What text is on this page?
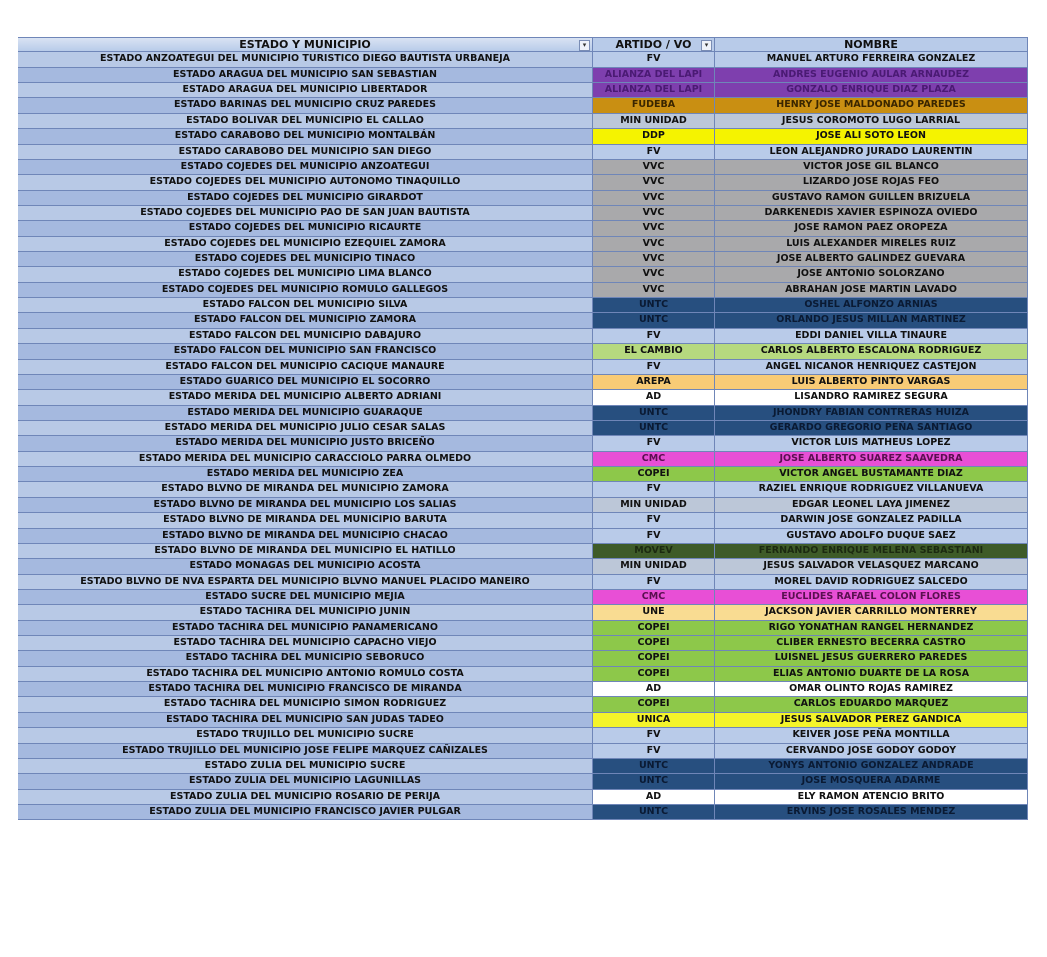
ESTADO Y MUNICIPIO	▾	ARTIDO / VO	▾	NOMBRE
ESTADO ANZOATEGUI DEL MUNICIPIO TURISTICO DIEGO BAUTISTA URBANEJA	FV	MANUEL ARTURO FERREIRA GONZALEZ
ESTADO ARAGUA DEL MUNICIPIO SAN SEBASTIAN	ALIANZA DEL LAPI	ANDRES EUGENIO AULAR ARNAUDEZ
ESTADO ARAGUA DEL MUNICIPIO LIBERTADOR	ALIANZA DEL LAPI	GONZALO ENRIQUE DIAZ PLAZA
ESTADO BARINAS DEL MUNICIPIO CRUZ PAREDES	FUDEBA	HENRY JOSE MALDONADO PAREDES
ESTADO BOLIVAR DEL MUNICIPIO EL CALLAO	MIN UNIDAD	JESUS COROMOTO LUGO LARRIAL
ESTADO CARABOBO DEL MUNICIPIO MONTALBÁN	DDP	JOSE ALI SOTO LEON
ESTADO CARABOBO DEL MUNICIPIO SAN DIEGO	FV	LEON ALEJANDRO JURADO LAURENTIN
ESTADO COJEDES DEL MUNICIPIO ANZOATEGUI	VVC	VICTOR JOSE GIL BLANCO
ESTADO COJEDES DEL MUNICIPIO AUTONOMO TINAQUILLO	VVC	LIZARDO JOSE ROJAS FEO
ESTADO COJEDES DEL MUNICIPIO GIRARDOT	VVC	GUSTAVO RAMON GUILLEN BRIZUELA
ESTADO COJEDES DEL MUNICIPIO PAO DE SAN JUAN BAUTISTA	VVC	DARKENEDIS XAVIER ESPINOZA OVIEDO
ESTADO COJEDES DEL MUNICIPIO RICAURTE	VVC	JOSE RAMON PAEZ OROPEZA
ESTADO COJEDES DEL MUNICIPIO EZEQUIEL ZAMORA	VVC	LUIS ALEXANDER MIRELES RUIZ
ESTADO COJEDES DEL MUNICIPIO TINACO	VVC	JOSE ALBERTO GALINDEZ GUEVARA
ESTADO COJEDES DEL MUNICIPIO LIMA BLANCO	VVC	JOSE ANTONIO SOLORZANO
ESTADO COJEDES DEL MUNICIPIO ROMULO GALLEGOS	VVC	ABRAHAN JOSE MARTIN LAVADO
ESTADO FALCON DEL MUNICIPIO SILVA	UNTC	OSHEL ALFONZO ARNIAS
ESTADO FALCON DEL MUNICIPIO ZAMORA	UNTC	ORLANDO JESUS MILLAN MARTINEZ
ESTADO FALCON DEL MUNICIPIO DABAJURO	FV	EDDI DANIEL VILLA TINAURE
ESTADO FALCON DEL MUNICIPIO SAN FRANCISCO	EL CAMBIO	CARLOS ALBERTO ESCALONA RODRIGUEZ
ESTADO FALCON DEL MUNICIPIO CACIQUE MANAURE	FV	ANGEL NICANOR HENRIQUEZ CASTEJON
ESTADO GUARICO DEL MUNICIPIO EL SOCORRO	AREPA	LUIS ALBERTO PINTO VARGAS
ESTADO MERIDA DEL MUNICIPIO ALBERTO ADRIANI	AD	LISANDRO RAMIREZ SEGURA
ESTADO MERIDA DEL MUNICIPIO GUARAQUE	UNTC	JHONDRY FABIAN CONTRERAS HUIZA
ESTADO MERIDA DEL MUNICIPIO JULIO CESAR SALAS	UNTC	GERARDO GREGORIO PEÑA SANTIAGO
ESTADO MERIDA DEL MUNICIPIO JUSTO BRICEÑO	FV	VICTOR LUIS MATHEUS LOPEZ
ESTADO MERIDA DEL MUNICIPIO CARACCIOLO PARRA OLMEDO	CMC	JOSE ALBERTO SUAREZ SAAVEDRA
ESTADO MERIDA DEL MUNICIPIO ZEA	COPEI	VICTOR ANGEL BUSTAMANTE DIAZ
ESTADO BLVNO DE MIRANDA DEL MUNICIPIO ZAMORA	FV	RAZIEL ENRIQUE RODRIGUEZ VILLANUEVA
ESTADO BLVNO DE MIRANDA DEL MUNICIPIO LOS SALIAS	MIN UNIDAD	EDGAR LEONEL LAYA JIMENEZ
ESTADO BLVNO DE MIRANDA DEL MUNICIPIO BARUTA	FV	DARWIN JOSE GONZALEZ PADILLA
ESTADO BLVNO DE MIRANDA DEL MUNICIPIO CHACAO	FV	GUSTAVO ADOLFO DUQUE SAEZ
ESTADO BLVNO DE MIRANDA DEL MUNICIPIO EL HATILLO	MOVEV	FERNANDO ENRIQUE MELENA SEBASTIANI
ESTADO MONAGAS DEL MUNICIPIO ACOSTA	MIN UNIDAD	JESUS SALVADOR VELASQUEZ MARCANO
ESTADO BLVNO DE NVA ESPARTA DEL MUNICIPIO BLVNO MANUEL PLACIDO MANEIRO	FV	MOREL DAVID RODRIGUEZ SALCEDO
ESTADO SUCRE DEL MUNICIPIO MEJIA	CMC	EUCLIDES RAFAEL COLON FLORES
ESTADO TACHIRA DEL MUNICIPIO JUNIN	UNE	JACKSON JAVIER CARRILLO MONTERREY
ESTADO TACHIRA DEL MUNICIPIO PANAMERICANO	COPEI	RIGO YONATHAN RANGEL HERNANDEZ
ESTADO TACHIRA DEL MUNICIPIO CAPACHO VIEJO	COPEI	CLIBER ERNESTO BECERRA CASTRO
ESTADO TACHIRA DEL MUNICIPIO SEBORUCO	COPEI	LUISNEL JESUS GUERRERO PAREDES
ESTADO TACHIRA DEL MUNICIPIO ANTONIO ROMULO COSTA	COPEI	ELIAS ANTONIO DUARTE DE LA ROSA
ESTADO TACHIRA DEL MUNICIPIO FRANCISCO DE MIRANDA	AD	OMAR OLINTO ROJAS RAMIREZ
ESTADO TACHIRA DEL MUNICIPIO SIMON RODRIGUEZ	COPEI	CARLOS EDUARDO MARQUEZ
ESTADO TACHIRA DEL MUNICIPIO SAN JUDAS TADEO	UNICA	JESUS SALVADOR PEREZ GANDICA
ESTADO TRUJILLO DEL MUNICIPIO SUCRE	FV	KEIVER JOSE PEÑA MONTILLA
ESTADO TRUJILLO DEL MUNICIPIO JOSE FELIPE MARQUEZ CAÑIZALES	FV	CERVANDO JOSE GODOY GODOY
ESTADO ZULIA DEL MUNICIPIO SUCRE	UNTC	YONYS ANTONIO GONZALEZ ANDRADE
ESTADO ZULIA DEL MUNICIPIO LAGUNILLAS	UNTC	JOSE MOSQUERA ADARME
ESTADO ZULIA DEL MUNICIPIO ROSARIO DE PERIJA	AD	ELY RAMON ATENCIO BRITO
ESTADO ZULIA DEL MUNICIPIO FRANCISCO JAVIER PULGAR	UNTC	ERVINS JOSE ROSALES MENDEZ
